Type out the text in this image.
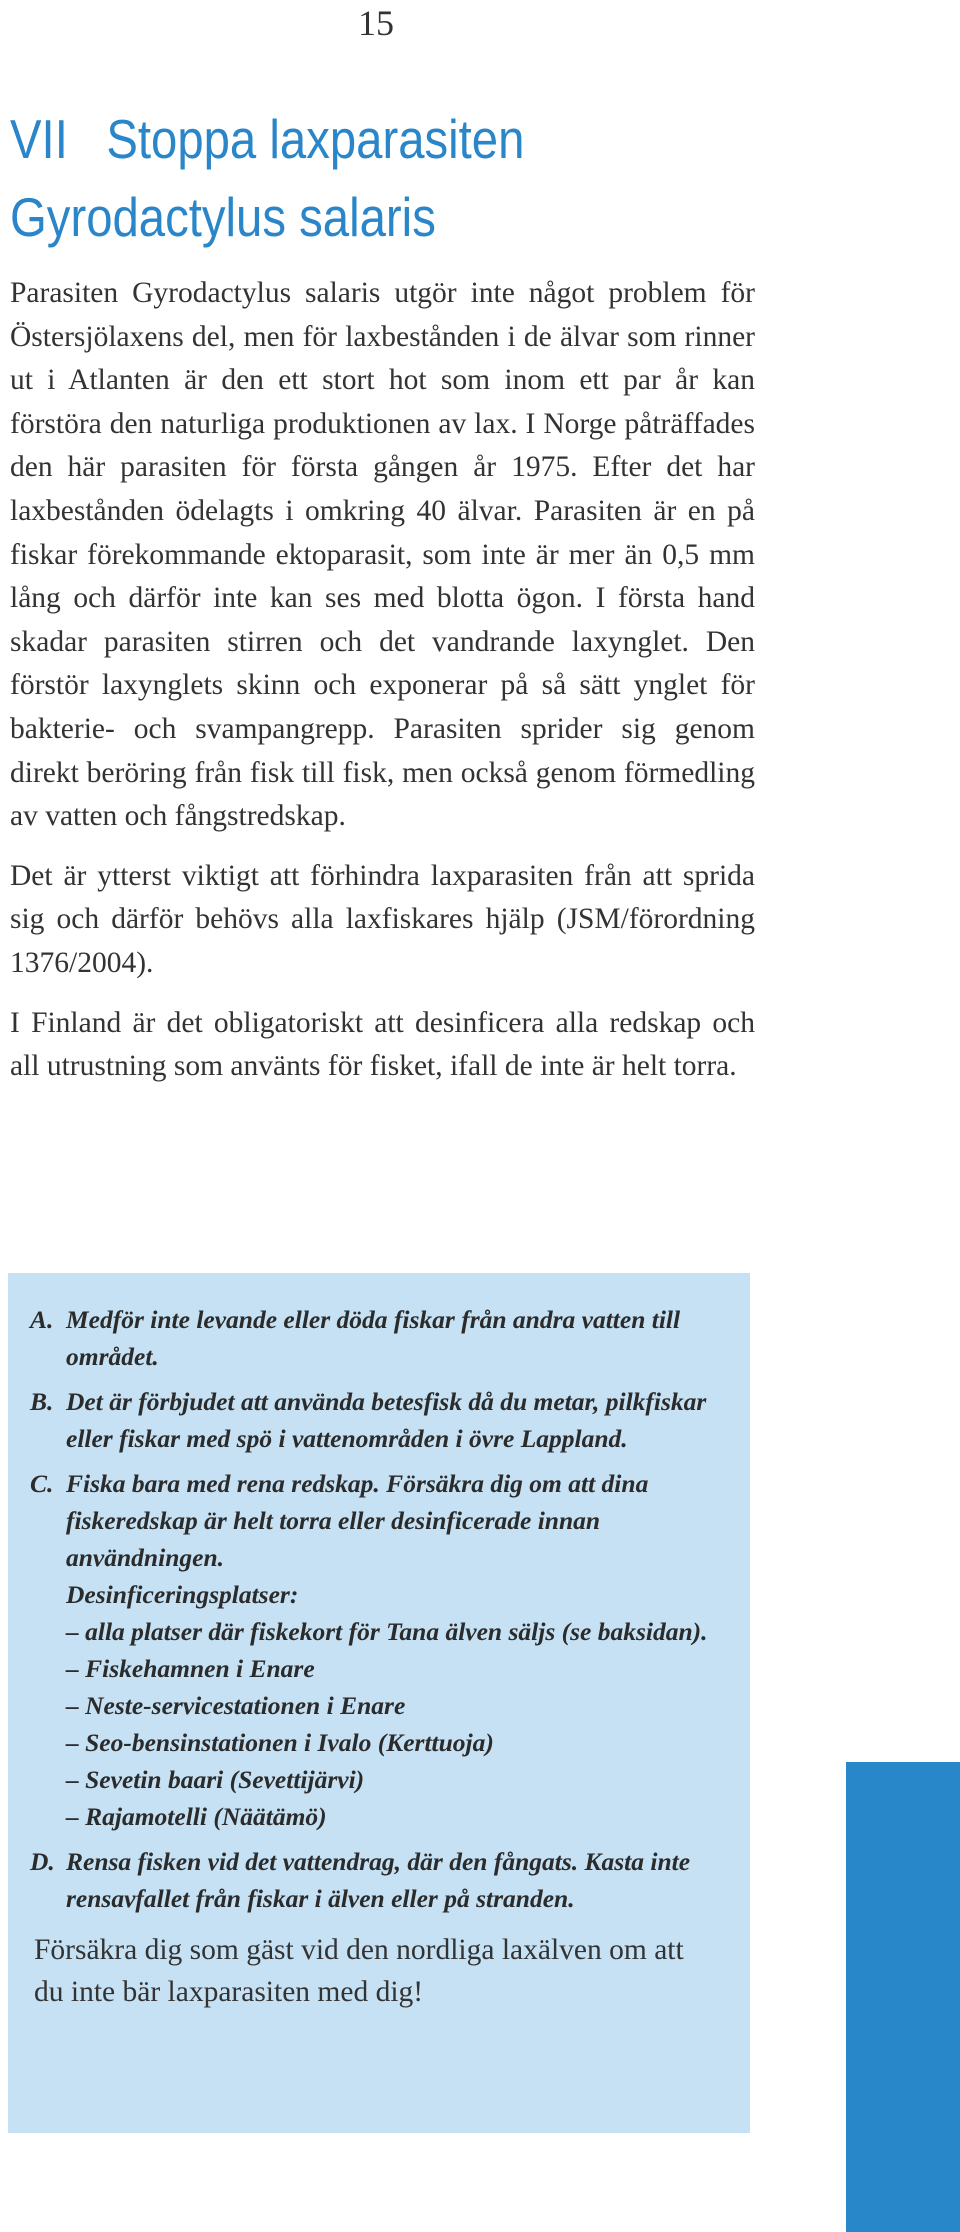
15
VII Stoppa laxparasiten
Gyrodactylus salaris

Parasiten Gyrodactylus salaris utgör inte något problem för Östersjölaxens del, men för laxbestånden i de älvar som rinner ut i Atlanten är den ett stort hot som inom ett par år kan förstöra den naturliga produktionen av lax. I Norge påträffades den här parasiten för första gången år 1975. Efter det har laxbestånden ödelagts i omkring 40 älvar. Parasiten är en på fiskar förekommande ektoparasit, som inte är mer än 0,5 mm lång och därför inte kan ses med blotta ögon. I första hand skadar parasiten stirren och det vandrande laxynglet. Den förstör laxynglets skinn och exponerar på så sätt ynglet för bakterie- och svampangrepp. Parasiten sprider sig genom direkt beröring från fisk till fisk, men också genom förmedling av vatten och fångstredskap.

Det är ytterst viktigt att förhindra laxparasiten från att sprida sig och därför behövs alla laxfiskares hjälp (JSM/förordning 1376/2004).

I Finland är det obligatoriskt att desinficera alla redskap och all utrustning som använts för fisket, ifall de inte är helt torra.

A. Medför inte levande eller döda fiskar från andra vatten till området.
B. Det är förbjudet att använda betesfisk då du metar, pilkfiskar eller fiskar med spö i vattenområden i övre Lappland.
C. Fiska bara med rena redskap. Försäkra dig om att dina fiskeredskap är helt torra eller desinficerade innan användningen.
Desinficeringsplatser:
– alla platser där fiskekort för Tana älven säljs (se baksidan).
– Fiskehamnen i Enare
– Neste-servicestationen i Enare
– Seo-bensinstationen i Ivalo (Kerttuoja)
– Sevetin baari (Sevettijärvi)
– Rajamotelli (Näätämö)
D. Rensa fisken vid det vattendrag, där den fångats. Kasta inte rensavfallet från fiskar i älven eller på stranden.

Försäkra dig som gäst vid den nordliga laxälven om att du inte bär laxparasiten med dig!
